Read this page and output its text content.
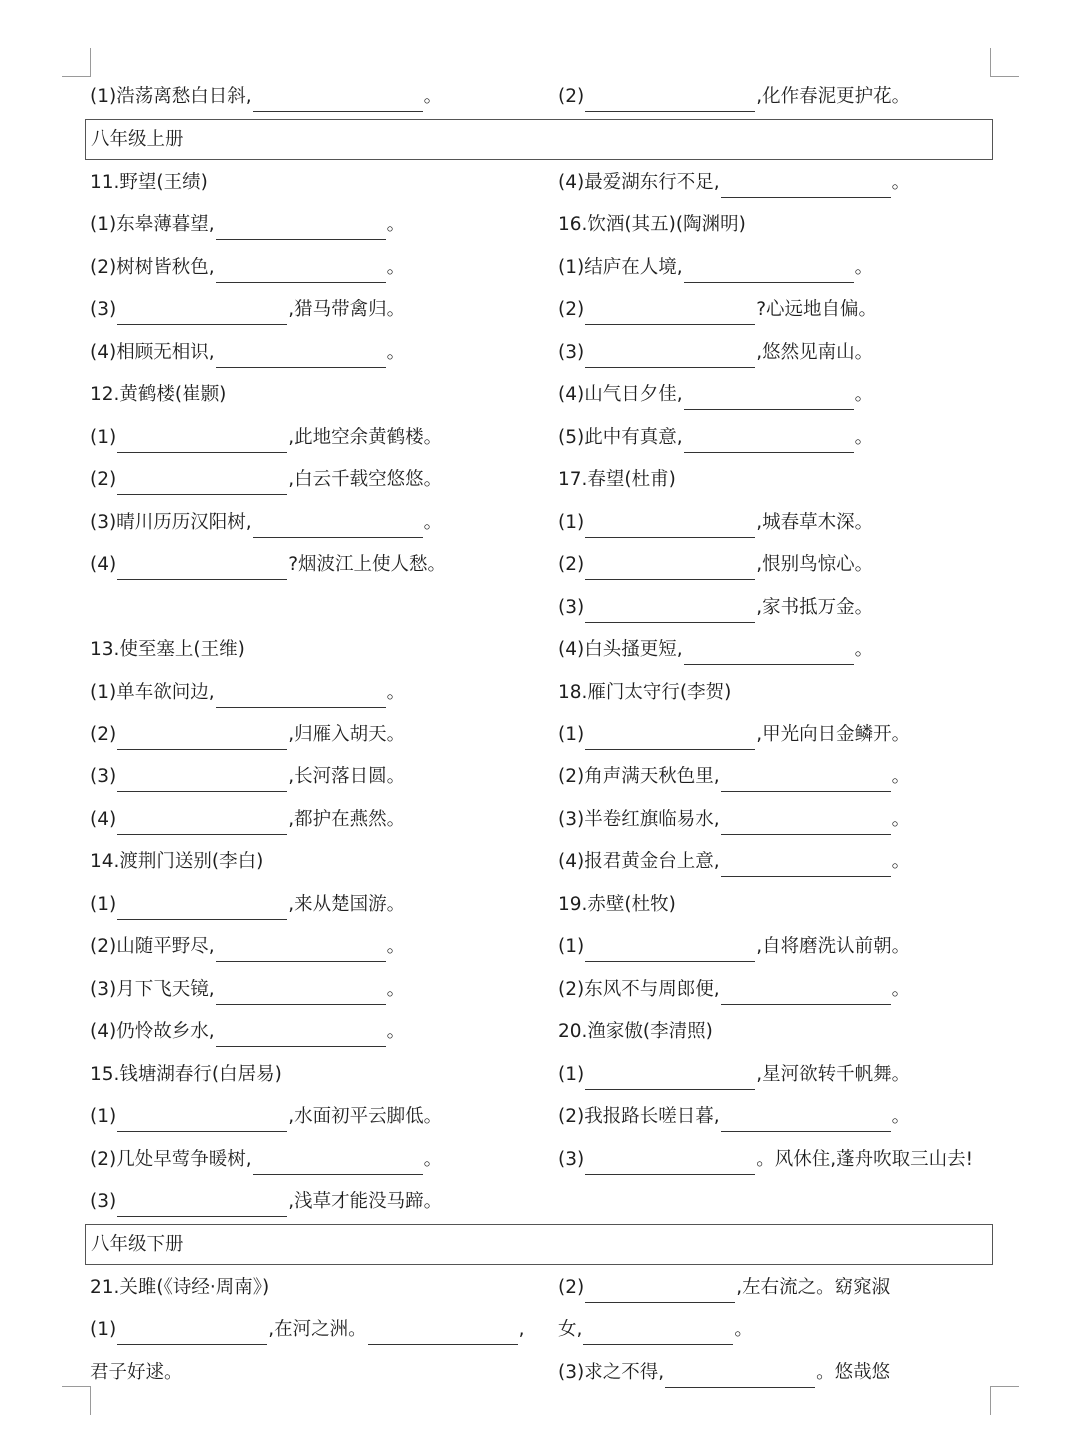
(1)浩荡离愁白日斜,	。	(2)	,化作春泥更护花。
八年级上册
11.野望(王绩)	(4)最爱湖东行不足,	。
(1)东皋薄暮望,	。	16.饮酒(其五)(陶渊明)
(2)树树皆秋色,	。	(1)结庐在人境,	。
(3)	,猎马带禽归。	(2)	?心远地自偏。
(4)相顾无相识,	。	(3)	,悠然见南山。
12.黄鹤楼(崔颢)	(4)山气日夕佳,	。
(1)	,此地空余黄鹤楼。	(5)此中有真意,	。
(2)	,白云千载空悠悠。	17.春望(杜甫)
(3)晴川历历汉阳树,	。	(1)	,城春草木深。
(4)	?烟波江上使人愁。	(2)	,恨别鸟惊心。
(3)	,家书抵万金。
13.使至塞上(王维)	(4)白头搔更短,	。
(1)单车欲问边,	。	18.雁门太守行(李贺)
(2)	,归雁入胡天。	(1)	,甲光向日金鳞开。
(3)	,长河落日圆。	(2)角声满天秋色里,	。
(4)	,都护在燕然。	(3)半卷红旗临易水,	。
14.渡荆门送别(李白)	(4)报君黄金台上意,	。
(1)	,来从楚国游。	19.赤壁(杜牧)
(2)山随平野尽,	。	(1)	,自将磨洗认前朝。
(3)月下飞天镜,	。	(2)东风不与周郎便,	。
(4)仍怜故乡水,	。	20.渔家傲(李清照)
15.钱塘湖春行(白居易)	(1)	,星河欲转千帆舞。
(1)	,水面初平云脚低。	(2)我报路长嗟日暮,	。
(2)几处早莺争暖树,	。	(3)	。风休住,蓬舟吹取三山去!
(3)	,浅草才能没马蹄。
八年级下册
21.关雎(《诗经·周南》)	(2)	,左右流之。窈窕淑
(1)	,在河之洲。	, 女,	。
君子好逑。	(3)求之不得,	。悠哉悠
